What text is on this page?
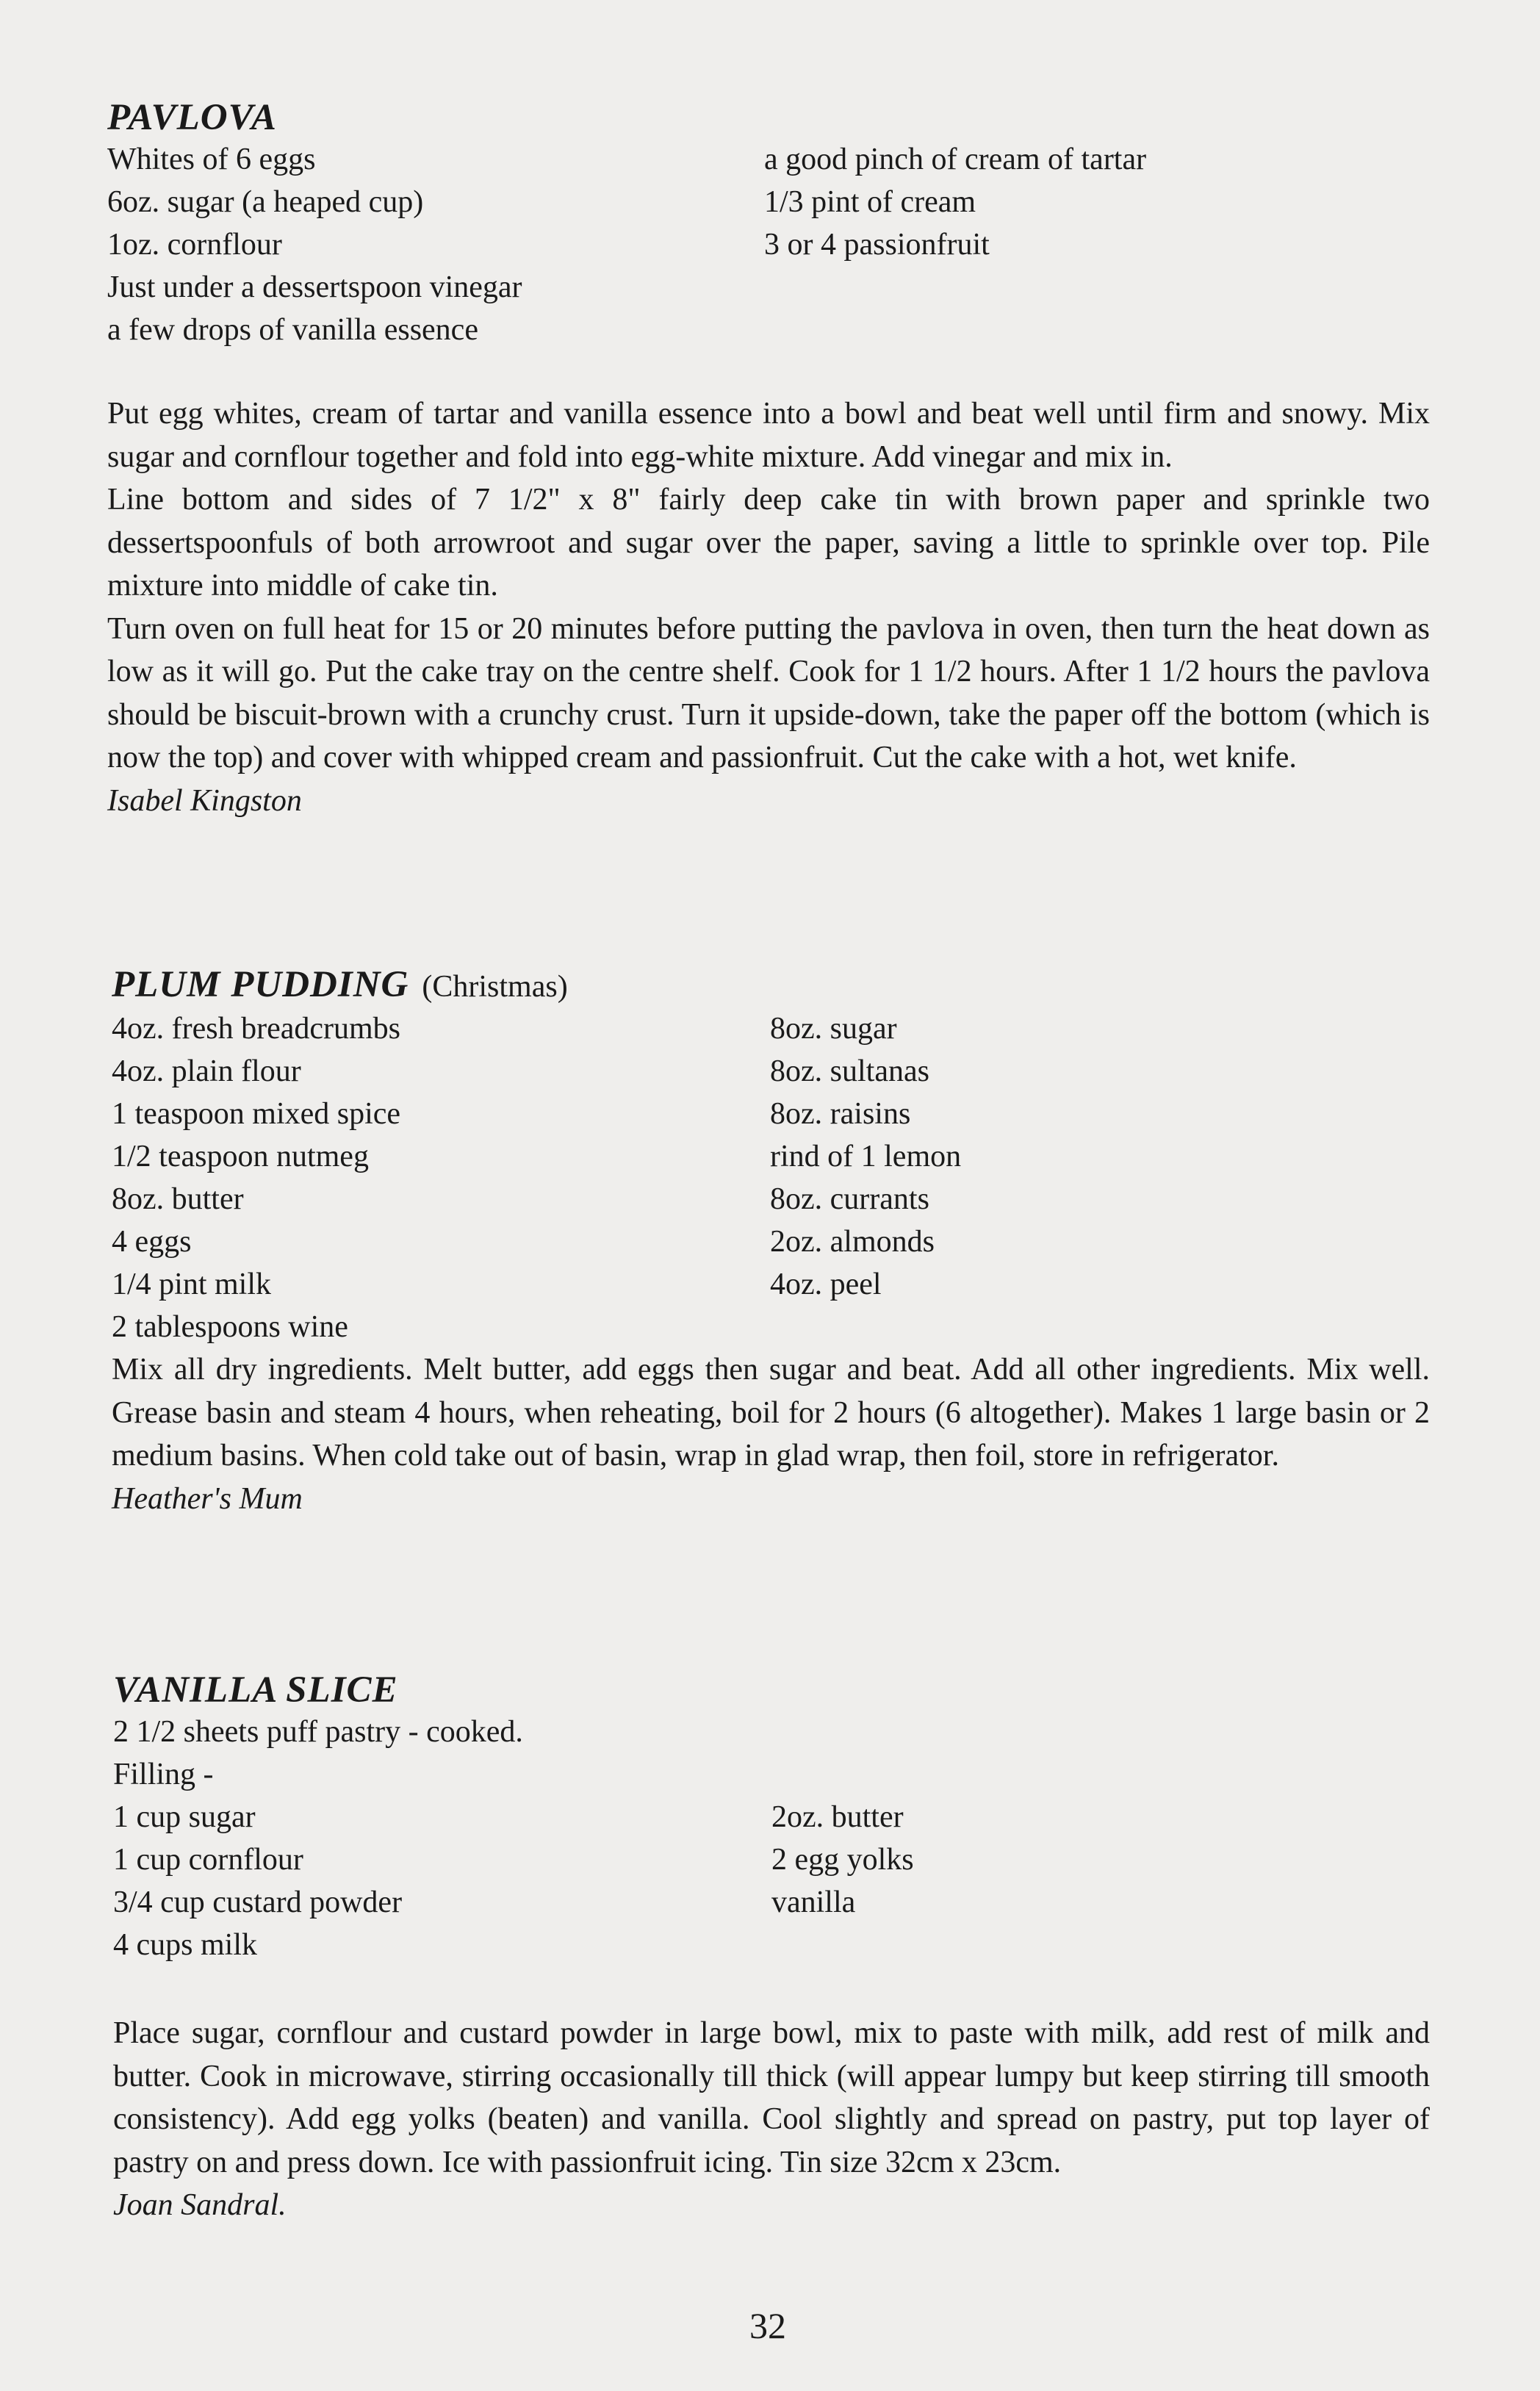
PAVLOVA
Whites of 6 eggs
6oz. sugar (a heaped cup)
1oz. cornflour
Just under a dessertspoon vinegar
a few drops of vanilla essence
a good pinch of cream of tartar
1/3 pint of cream
3 or 4 passionfruit

Put egg whites, cream of tartar and vanilla essence into a bowl and beat well until firm and snowy. Mix sugar and cornflour together and fold into egg-white mixture. Add vinegar and mix in.

Line bottom and sides of 7 1/2" x 8" fairly deep cake tin with brown paper and sprinkle two dessertspoonfuls of both arrowroot and sugar over the paper, saving a little to sprinkle over top. Pile mixture into middle of cake tin.

Turn oven on full heat for 15 or 20 minutes before putting the pavlova in oven, then turn the heat down as low as it will go. Put the cake tray on the centre shelf. Cook for 1 1/2 hours. After 1 1/2 hours the pavlova should be biscuit-brown with a crunchy crust. Turn it upside-down, take the paper off the bottom (which is now the top) and cover with whipped cream and passionfruit. Cut the cake with a hot, wet knife.

Isabel Kingston
PLUM PUDDING (Christmas)
4oz. fresh breadcrumbs
4oz. plain flour
1 teaspoon mixed spice
1/2 teaspoon nutmeg
8oz. butter
4 eggs
1/4 pint milk
2 tablespoons wine
8oz. sugar
8oz. sultanas
8oz. raisins
rind of 1 lemon
8oz. currants
2oz. almonds
4oz. peel

Mix all dry ingredients. Melt butter, add eggs then sugar and beat. Add all other ingredients. Mix well. Grease basin and steam 4 hours, when reheating, boil for 2 hours (6 altogether). Makes 1 large basin or 2 medium basins. When cold take out of basin, wrap in glad wrap, then foil, store in refrigerator.

Heather's Mum
VANILLA SLICE
2 1/2 sheets puff pastry - cooked.
Filling -
1 cup sugar
1 cup cornflour
3/4 cup custard powder
4 cups milk
2oz. butter
2 egg yolks
vanilla

Place sugar, cornflour and custard powder in large bowl, mix to paste with milk, add rest of milk and butter. Cook in microwave, stirring occasionally till thick (will appear lumpy but keep stirring till smooth consistency). Add egg yolks (beaten) and vanilla. Cool slightly and spread on pastry, put top layer of pastry on and press down. Ice with passionfruit icing. Tin size 32cm x 23cm.

Joan Sandral.
32
